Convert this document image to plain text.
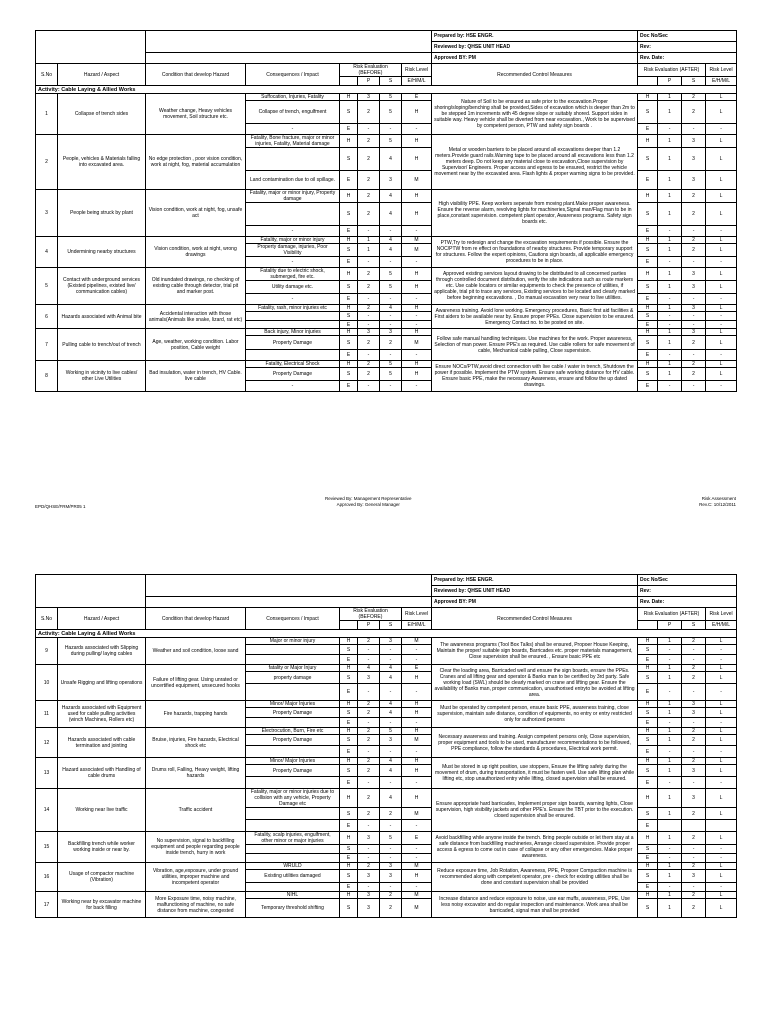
								Prepared by: HSE ENGR.	Doc No/Sec			
								Reviewed by: QHSE UNIT HEAD	Rev:			
								Approved BY: PM	Rev. Date:			
S.No	Hazard / Aspect	Condition that develop Hazard	Consequences / Impact	Risk Evaluation (BEFORE)			Risk Level	Recommended Control Measures	Risk Evaluation (AFTER)			Risk Level
					P	S	E/H/M/L			P	S	E/H/M/L
Activity: Cable Laying & Allied Works												
1	Collapse of trench sides	Weather change, Heavy vehicles movement, Soil structure etc.	Suffocation, Injuries, Fatality	H	3	5	E	Nature of Soil to be ensured as safe prior to the excavation.Proper shoring/sloping/benching shall be provided,Sides of excavation which is deeper than 2m to be stepped 1m increments with 45 degree slope or suitably shored. Support sides in suitable way. Heavy vehicle shall be diverted from near excavation., Work to be supervised by competent person, PTW and safety sign boards .	H	1	2	L
			Collapse of trench, engulfment	S	2	5	H		S	1	2	L
			-	E	-	-	-		E	-	-	-
2	People, vehicles & Materials falling into excavated area.	No edge protection , poor vision condition, work at night, fog, material accumulation	Fatality, Bone fracture, major or minor injuries, Fatality, Material damage	H	2	5	H	Metal or wooden barriers to be placed around all excavations deeper than 1.2 meters.Provide guard rails.Warning tape to be placed around all excavations less than 1.2 meters deep. Do not keep any material close to excavation,Close supervision by Supervisor/ Engineers. Proper access and egress to be ensured, restrict the vehicle movement near by the excavated area. Flash lights & proper warning signs to be provided.	H	1	3	L
				S	2	4	H		S	1	3	L
			Land contamination due to oil spillage.	E	2	3	M		E	1	3	L
3	People being struck by plant	Vision condition, work at night, fog, unsafe act	Fatality, major or minor injury, Property damage	H	2	4	H	High visibility PPE. Keep workers seperate from moving plant.Make proper awareness. Ensure the reverse alarm, revolving lights for machineries,Signal man/Flag man to be in place,constant supervision. competent plant operator, Awareness programs. Safety sign boards etc.	H	1	2	L
				S	2	4	H		S	1	2	L
			-	E	-	-	-		E	-	-	-
4	Undermining nearby structures	Vision condition, work at night, wrong drawings	Fatality, major or minor injury	H	1	4	M	PTW,Try to redesign and change the excavation requirements if possible. Ensure the NOC/PTW from re effect on foundations of nearby structures. Provide temporary support for structures. Follow the expert opinions, Cautions sign boards, all applicable emergency procedures to be in place.	H	1	2	L
			Property damage, injuries, Poor Visibility	S	1	4	M		S	1	2	L
			-	E	-	-	-		E	-	-	-
5	Contact with underground services (Existed pipelines, existed live/ communication cables)	Old inundated drawings, no checking of existing cable through detector, trial pit and marker post.	Fatality due to electric shock, submerged, fire etc.	H	2	5	H	Approved existing services layout drawing to be distributed to all concerned parties through controlled document distribution, verify the site indications such as route markers etc. Use cable locators or similar equipments to check the presence of utilities, if applicable, trial pit to trace any services, Existing services to be located and clearly marked before beginning excavations. , Do manual excavation very near to live utilities.	H	1	3	L
			Utility damage etc.	S	2	5	H		S	1	3	L
			-	E	-	-	-		E	-	-	-
6	Hazards associated with Animal bite	Accidental interaction with those animals(Animals like snake, lizard, rat etc)	Fatality, rash, minor injuries etc	H	2	4	H	Awareness training. Avoid lone working. Emergency procedures, Basic first aid facilities & First aiders to be available near by. Ensure proper PPEs. Close supervision to be ensured. Emergency Contact no. to be posted on site.	H	1	3	L
				S	-	-	-		S	-	-	-
				E	-	-	-		E	-	-	-
7	Pulling cable to trench/out of trench	Age, weather, working condition. Labor position, Cable weight	Back injury, Minor injuries	H	3	3	H	Follow safe manual handling techniques. Use machines for the work. Proper awareness, Selection of man power. Ensure PPE's as required. Use cable rollers for safe movement of cable, Mechanical cable pulling, Close supervision.	H	1	3	L
			Property Damage	S	2	2	M		S	1	2	L
				E	-	-	-		E	-	-	-
8	Working in vicinity to live cables/ other Live Utilities	Bad insulation, water in trench, HV Cable. live cable	Fatality, Electrical Shock	H	2	5	H	Ensure NOCs/PTW,avoid direct connection with live cable / water in trench, Shutdown the power if possible. Implement the PTW system. Ensure safe working distance for HV cable. Ensure basic PPE, make the necessary Awareness, ensure and follow the up dated drawings.	H	1	2	L
			Property Damage	S	2	5	H		S	1	2	L
			-	E	-	-	-		E	-	-	-
EPD/QHSE/FRM/PR05 1
Reviewed By: Management Representative
Approved By: General Manager
Risk Assessment
Rev.C: 10/12/2011
								Prepared by: HSE ENGR.	Doc No/Sec			
								Reviewed by: QHSE UNIT HEAD	Rev:			
								Approved BY: PM	Rev. Date:			
S.No	Hazard / Aspect	Condition that develop Hazard	Consequences / Impact	Risk Evaluation (BEFORE)			Risk Level	Recommended Control Measures	Risk Evaluation (AFTER)			Risk Level
					P	S	E/H/M/L			P	S	E/H/M/L
Activity: Cable Laying & Allied Works												
9	Hazards associated with Slipping during pulling/ laying cables	Weather and soil condition, loose sand	Major or minor injury	H	2	3	M	The awareness programs (Tool Box Talks) shall be ensured, Propoer House Keeping, Maintain the proper/ suitable sign boards, Barricades etc. proper materials management, Close supervision shall be ensured. , Ensure basic PPE etc	H	1	2	L
				S	-	-	-		S	-	-	-
				E	-	-	-		E	-	-	-
10	Unsafe Rigging and lifting operations	Failure of lifting gear. Using unrated or uncertified equipment, unsecured hooks	fatality or Major Injury	H	4	4	E	Clear the loading area, Barricaded well and ensure the sign boards, ensure the PPEs. Cranes and all lifting gear and operator & Banks man to be certified by 3rd party. Safe working load (SWL) should be clearly marked on crane and lifting gear. Ensure the availability of Banks man, proper communication, unauthorised entryto be avoided at lifting area.	H	1	2	L
			property damage	S	3	4	H		S	1	2	L
				E	-	-	-		E	-	-	-
11	Hazards associated with Equipment used for cable pulling activities (winch Machines, Rollers etc)	Fire hazards, trapping hands	Minor/ Major Injuries	H	2	4	H	Must be operated by competent person, ensure basic PPE, awareness training, close supervision, maintain safe distance, condition of equipments, no entry or entry restricted only for authorized persons	H	1	3	L
			Property Damage	S	2	4	H		S	1	3	L
				E	-	-	-		E	-	-	-
12	Hazards associated with cable termination and jointing	Bruise, injuries, Fire hazards, Electrical shock etc	Electrocution, Burn, Fire etc	H	2	5	H	Necessary awareness and training. Assign competent persons only, Close supervision, proper equipment and tools to be used, manufacturer recommendations to be followed, PPE compliance, follow the standards & procedures, Electrical work permit.	H	1	2	L
			Property Damage	S	2	3	M		S	1	2	L
				E	-	-	-		E	-	-	-
13	Hazard associated with Handling of cable drums	Drums roll, Falling, Heavy weight, lifting hazards	Minor/ Major Injuries	H	2	4	H	Must be stored in up right position, use stoppers, Ensure the lifting safety during the movement of drum, during transportation, it must be fasten well. Use safe lifting plan while lifting etc, stop unauthorized entry while lifting, closed supervision shall be ensured.	H	1	2	L
			Property Damage	S	2	4	H		S	1	3	L
				E	-	-	-		E	-	-	-
14	Working near live traffic	Traffic accident	Fatality, major or minor injuries due to collision with any vehicle, Property Damage etc	H	2	4	H	Ensure appropriate hard barricades, Implement proper sign boards, warning lights, Close supervision, high visibility jackets and other PPE's. Ensure the TBT prior to the execution. closed supervision shall be ensured.	H	1	3	L
				S	2	2	M		S	1	2	L
				E	-	-	-		E			
15	Backfilling trench while worker working inside or near by.	No supervision, signal to backfilling equipment and people regarding people inside trench, hurry in work	Fatality, scalp injuries, engulfment, other minor or major injuries	H	3	5	E	Avoid backfilling while anyone inside the trench. Bring people outside or let them stay at a safe distance from backfilling machineries, Arrange closed supervision. Provide proper access & egress to come out in case of collapse or any other emergencies. Make proper awareness.	H	1	2	L
				S	-	-	-		S	-	-	-
				E	-	-	-		E	-	-	-
16	Usage of compactor machine (Vibration)	Vibration, age,exposure, under ground utilities, improper machine and incompetent operator	WRULD	H	2	3	M	Reduce exposure time, Job Rotation, Awareness, PPE, Propoer Compaction machine is recommended along with competent operator, pre - check for existing utilities shall be done and constant supervision shall be provided	H	1	2	L
			Existing utilities damaged	S	3	3	H		S	1	3	L
				E	-	-	-		E	-	-	-
17	Working near by excavator machine for back filling	More Exposure time, noisy machine, malfunctioning of machine, no safe distance from machine, congested	NIHL	H	3	2	M	Increase distance and reduce exposure to noise, use ear muffs, awareness, PPE, Use less noisy excavator and do regular inspection and maintenance. Work area shall be barricaded, signal man shall be provided	H	1	2	L
			Temporary threshold shifting	S	3	2	M		S	1	2	L
